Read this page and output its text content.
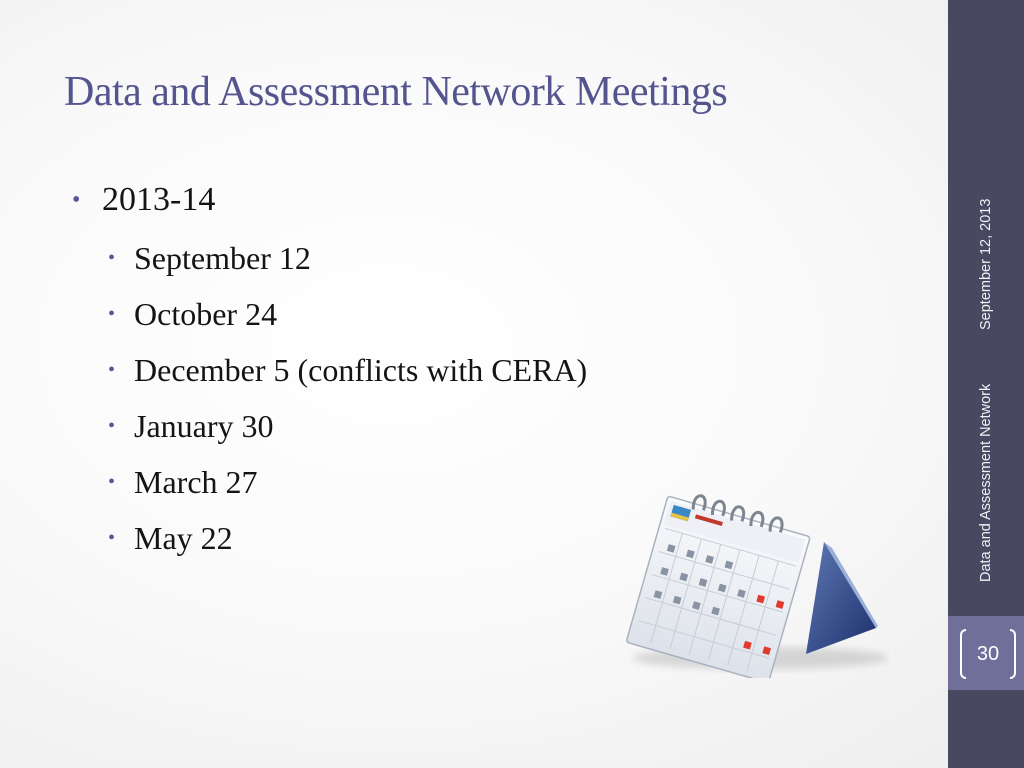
Data and Assessment Network Meetings
• 2013-14
• September 12
• October 24
• December 5 (conflicts with CERA)
• January 30
• March 27
• May 22
September 12, 2013
Data and Assessment Network
30
